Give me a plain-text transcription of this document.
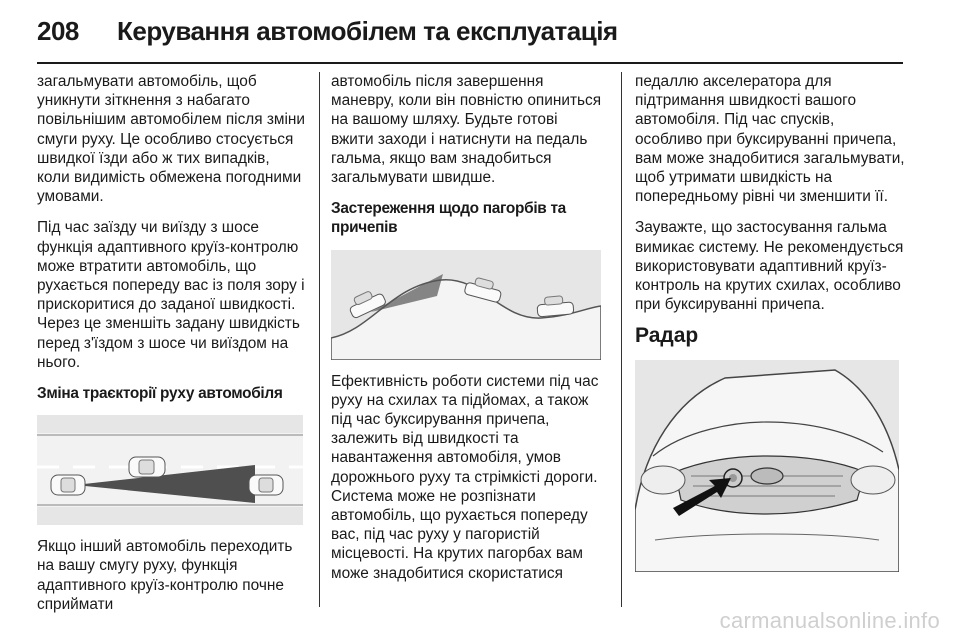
208 Керування автомобілем та експлуатація

загальмувати автомобіль, щоб уникнути зіткнення з набагато повільнішим автомобілем після зміни смуги руху. Це особливо стосується швидкої їзди або ж тих випадків, коли видимість обмежена погодними умовами.

Під час заїзду чи виїзду з шосе функція адаптивного круїз-контролю може втратити автомобіль, що рухається попереду вас із поля зору і прискоритися до заданої швидкості. Через це зменшіть задану швидкість перед з'їздом з шосе чи виїздом на нього.

Зміна траєкторії руху автомобіля

Якщо інший автомобіль переходить на вашу смугу руху, функція адаптивного круїз-контролю почне сприймати

автомобіль після завершення маневру, коли він повністю опиниться на вашому шляху. Будьте готові вжити заходи і натиснути на педаль гальма, якщо вам знадобиться загальмувати швидше.

Застереження щодо пагорбів та причепів

Ефективність роботи системи під час руху на схилах та підйомах, а також під час буксирування причепа, залежить від швидкості та навантаження автомобіля, умов дорожнього руху та стрімкісті дороги. Система може не розпізнати автомобіль, що рухається попереду вас, під час руху у пагористій місцевості. На крутих пагорбах вам може знадобитися скористатися

педаллю акселератора для підтримання швидкості вашого автомобіля. Під час спусків, особливо при буксируванні причепа, вам може знадобитися загальмувати, щоб утримати швидкість на попередньому рівні чи зменшити її.

Зауважте, що застосування гальма вимикає систему. Не рекомендується використовувати адаптивний круїз-контроль на крутих схилах, особливо при буксируванні причепа.

Радар
carmanualsonline.info
